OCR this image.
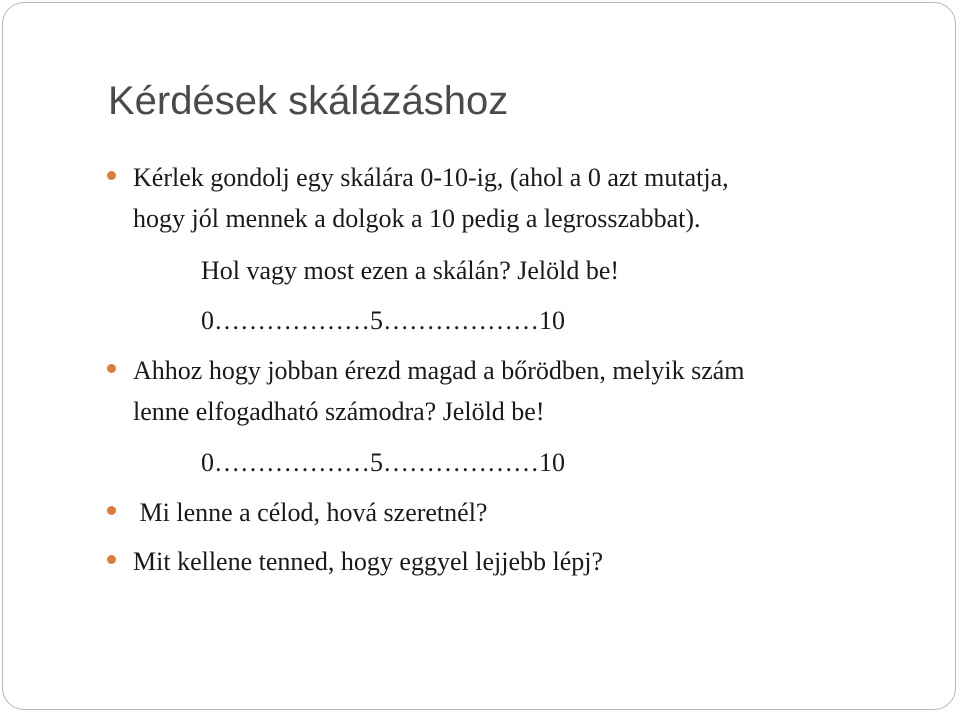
Kérdések skálázáshoz
Kérlek gondolj egy skálára 0-10-ig, (ahol a 0 azt mutatja,
hogy jól mennek a dolgok a 10 pedig a legrosszabbat).
Hol vagy most ezen a skálán? Jelöld be!
0………………5………………10
Ahhoz hogy jobban érezd magad a bőrödben, melyik szám
lenne elfogadható számodra? Jelöld be!
0………………5………………10
Mi lenne a célod, hová szeretnél?
Mit kellene tenned, hogy eggyel lejjebb lépj?
